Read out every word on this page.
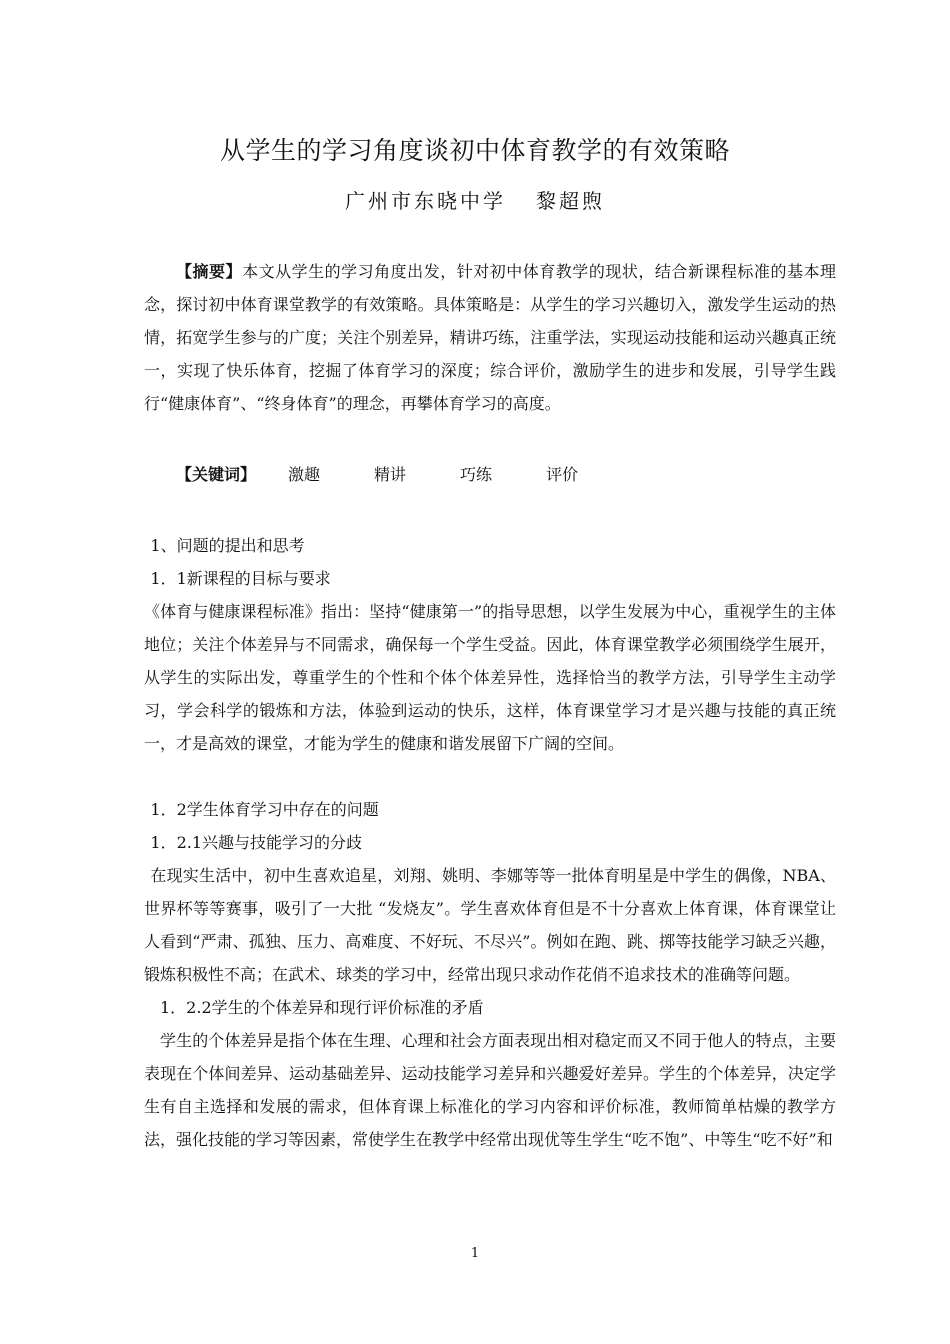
从学生的学习角度谈初中体育教学的有效策略
广州市东晓中学 黎超煦

【摘要】本文从学生的学习角度出发，针对初中体育教学的现状，结合新课程标准的基本理念，探讨初中体育课堂教学的有效策略。具体策略是：从学生的学习兴趣切入，激发学生运动的热情，拓宽学生参与的广度；关注个别差异，精讲巧练，注重学法，实现运动技能和运动兴趣真正统一，实现了快乐体育，挖掘了体育学习的深度；综合评价，激励学生的进步和发展，引导学生践行“健康体育”、“终身体育”的理念，再攀体育学习的高度。

【关键词】 激趣	精讲	巧练	评价

1、问题的提出和思考

1．1新课程的目标与要求

《体育与健康课程标准》指出：坚持“健康第一”的指导思想，以学生发展为中心，重视学生的主体地位；关注个体差异与不同需求，确保每一个学生受益。因此，体育课堂教学必须围绕学生展开，从学生的实际出发，尊重学生的个性和个体个体差异性，选择恰当的教学方法，引导学生主动学习，学会科学的锻炼和方法，体验到运动的快乐，这样，体育课堂学习才是兴趣与技能的真正统一，才是高效的课堂，才能为学生的健康和谐发展留下广阔的空间。

1．2学生体育学习中存在的问题

1．2.1兴趣与技能学习的分歧

在现实生活中，初中生喜欢追星，刘翔、姚明、李娜等等一批体育明星是中学生的偶像，NBA、世界杯等等赛事，吸引了一大批 “发烧友”。学生喜欢体育但是不十分喜欢上体育课，体育课堂让人看到“严肃、孤独、压力、高难度、不好玩、不尽兴”。例如在跑、跳、掷等技能学习缺乏兴趣，锻炼积极性不高；在武术、球类的学习中，经常出现只求动作花俏不追求技术的准确等问题。

1．2.2学生的个体差异和现行评价标准的矛盾

学生的个体差异是指个体在生理、心理和社会方面表现出相对稳定而又不同于他人的特点，主要表现在个体间差异、运动基础差异、运动技能学习差异和兴趣爱好差异。学生的个体差异，决定学生有自主选择和发展的需求，但体育课上标准化的学习内容和评价标准，教师简单枯燥的教学方法，强化技能的学习等因素，常使学生在教学中经常出现优等生学生“吃不饱”、中等生“吃不好”和

1
